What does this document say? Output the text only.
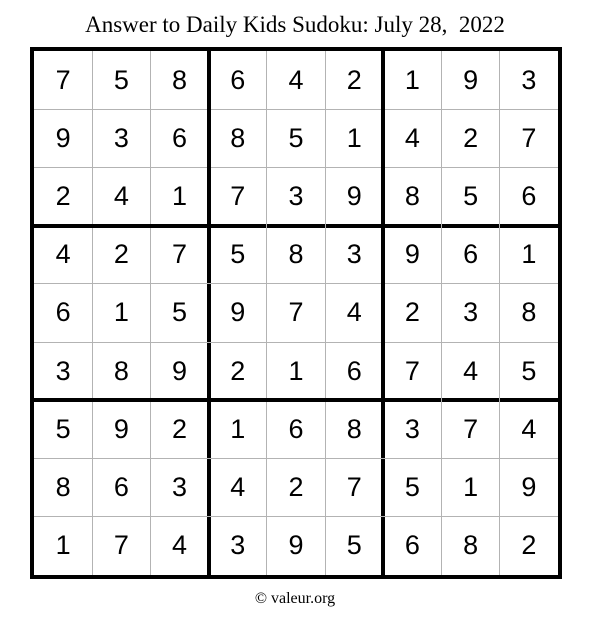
Answer to Daily Kids Sudoku: July 28,  2022
7	5	8	6	4	2	1	9	3
9	3	6	8	5	1	4	2	7
2	4	1	7	3	9	8	5	6
4	2	7	5	8	3	9	6	1
6	1	5	9	7	4	2	3	8
3	8	9	2	1	6	7	4	5
5	9	2	1	6	8	3	7	4
8	6	3	4	2	7	5	1	9
1	7	4	3	9	5	6	8	2
© valeur.org
